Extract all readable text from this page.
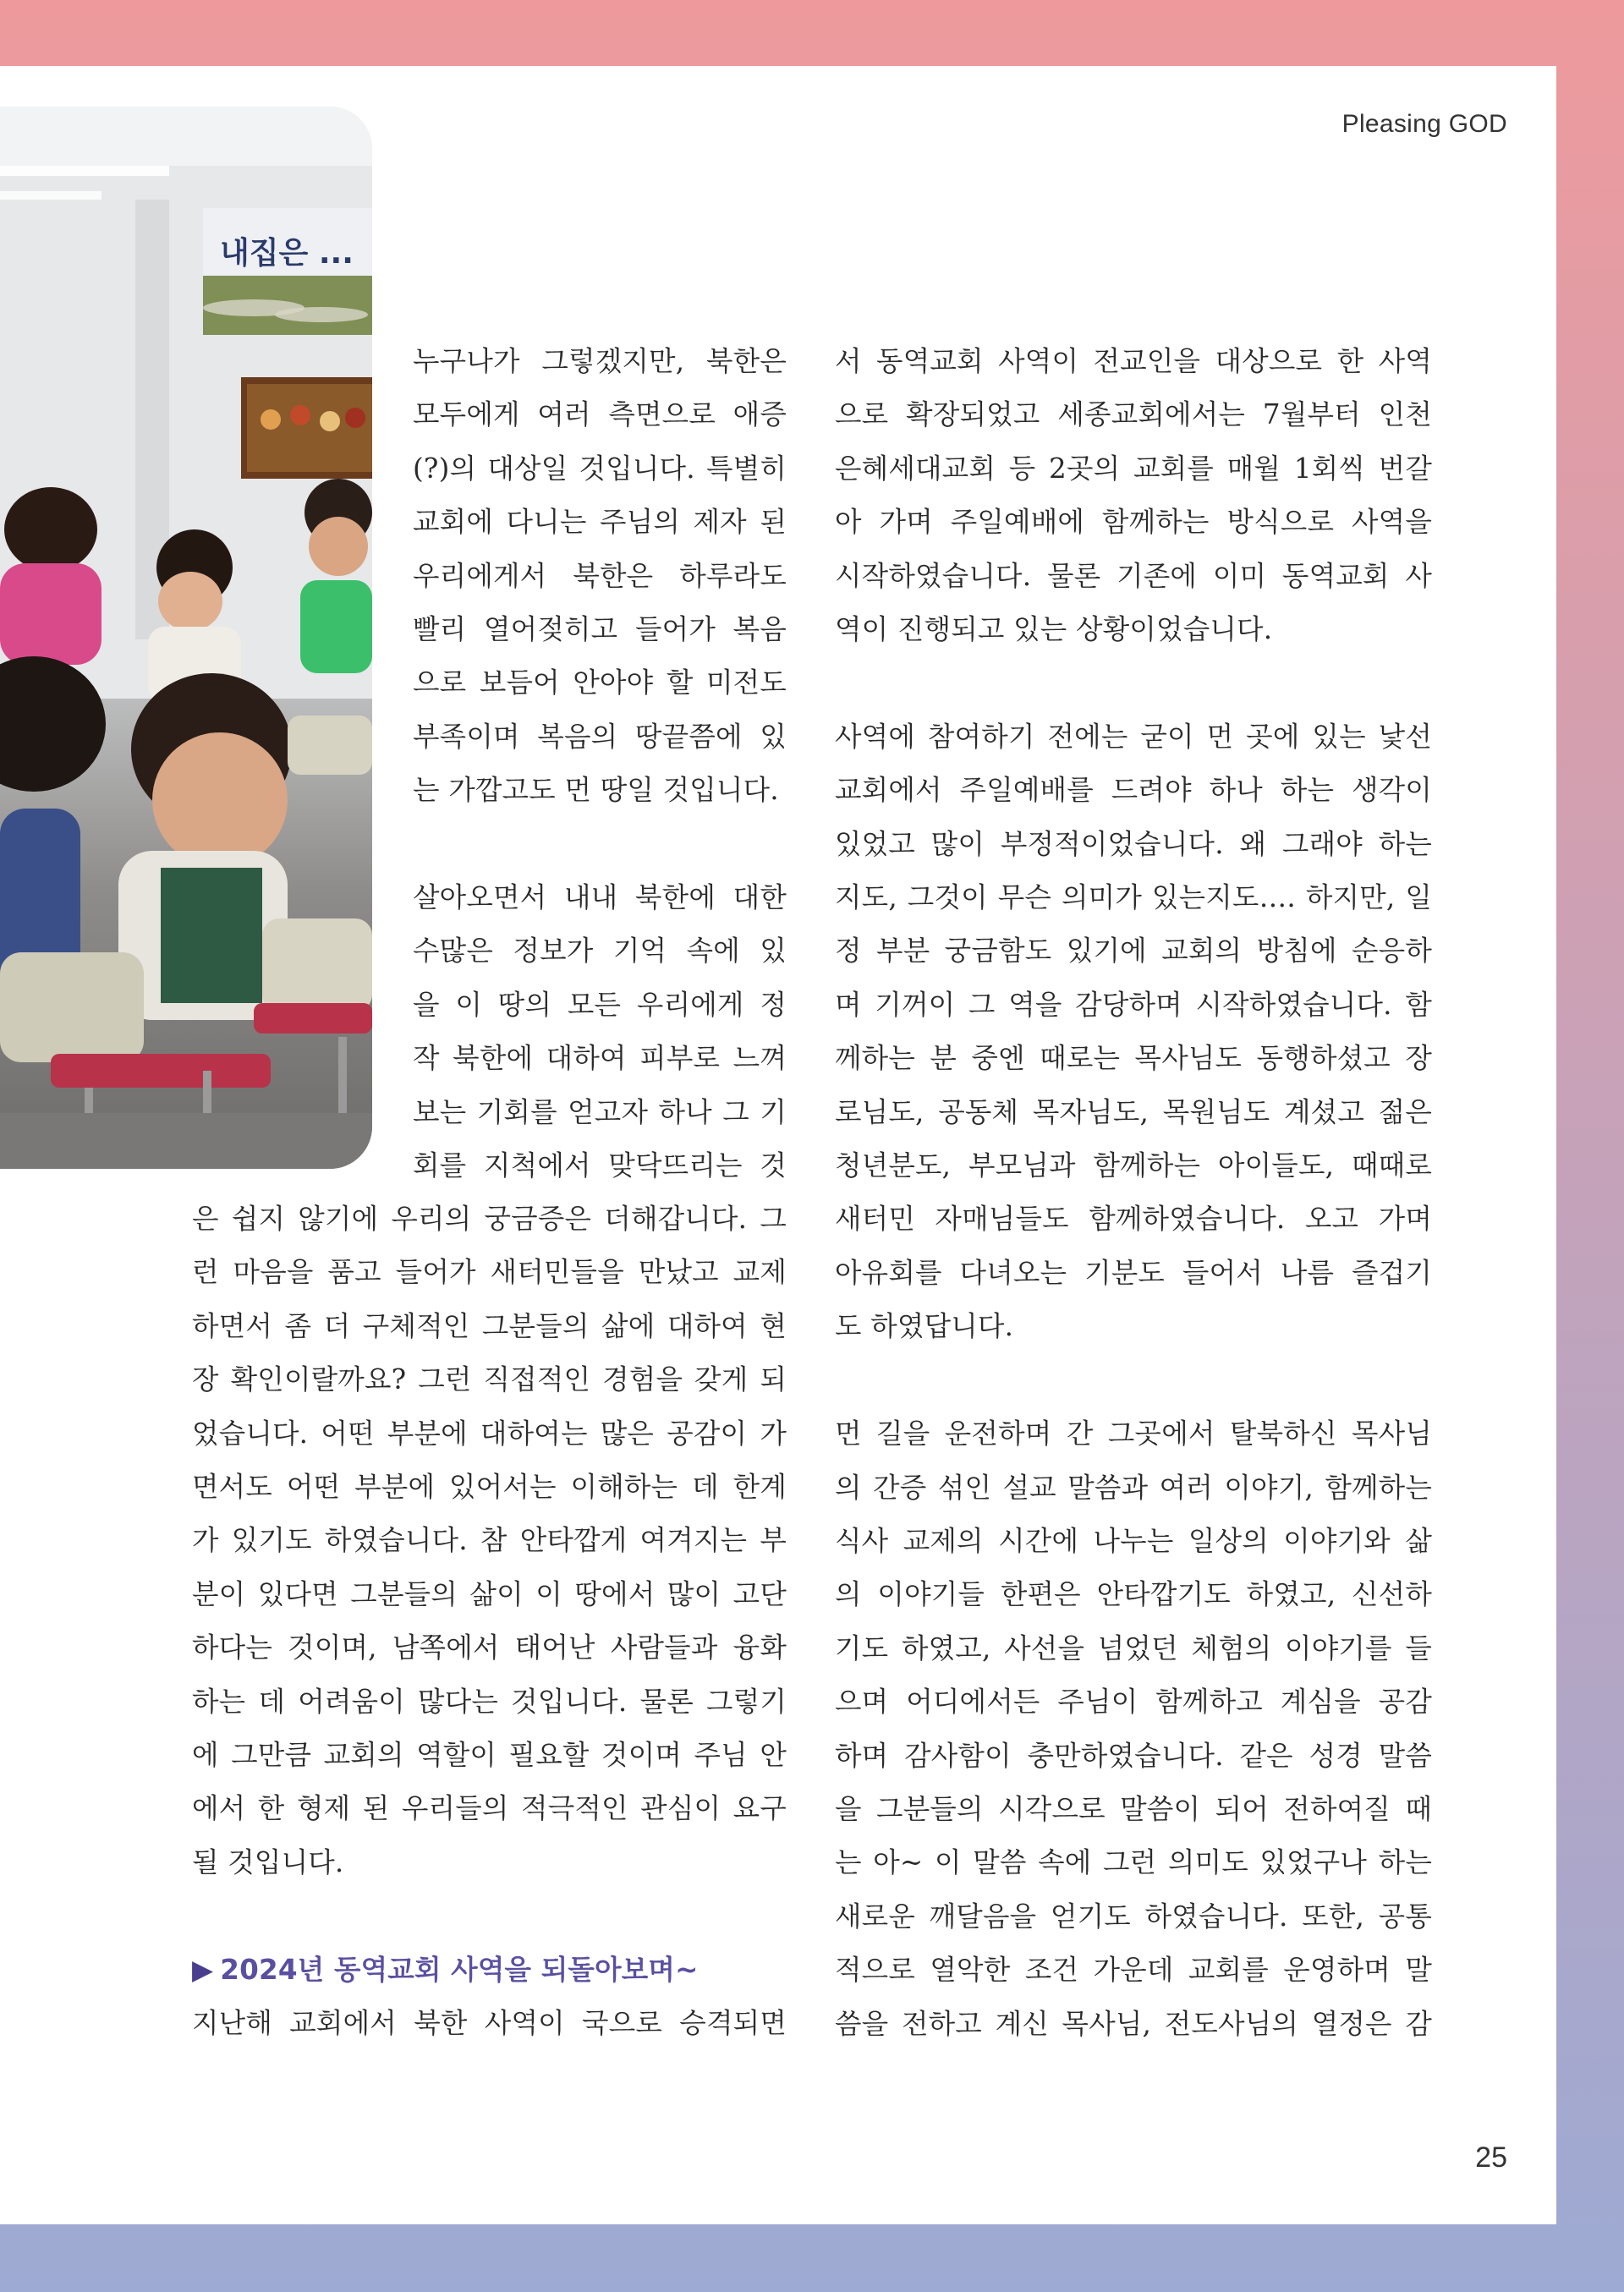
Pleasing GOD
내집은 ...

누구나가 그렇겠지만, 북한은
모두에게 여러 측면으로 애증
(?)의 대상일 것입니다. 특별히
교회에 다니는 주님의 제자 된
우리에게서 북한은 하루라도
빨리 열어젖히고 들어가 복음
으로 보듬어 안아야 할 미전도
부족이며 복음의 땅끝쯤에 있
는 가깝고도 먼 땅일 것입니다.

살아오면서 내내 북한에 대한
수많은 정보가 기억 속에 있
을 이 땅의 모든 우리에게 정
작 북한에 대하여 피부로 느껴
보는 기회를 얻고자 하나 그 기
회를 지척에서 맞닥뜨리는 것

은 쉽지 않기에 우리의 궁금증은 더해갑니다. 그
런 마음을 품고 들어가 새터민들을 만났고 교제
하면서 좀 더 구체적인 그분들의 삶에 대하여 현
장 확인이랄까요? 그런 직접적인 경험을 갖게 되
었습니다. 어떤 부분에 대하여는 많은 공감이 가
면서도 어떤 부분에 있어서는 이해하는 데 한계
가 있기도 하였습니다. 참 안타깝게 여겨지는 부
분이 있다면 그분들의 삶이 이 땅에서 많이 고단
하다는 것이며, 남쪽에서 태어난 사람들과 융화
하는 데 어려움이 많다는 것입니다. 물론 그렇기
에 그만큼 교회의 역할이 필요할 것이며 주님 안
에서 한 형제 된 우리들의 적극적인 관심이 요구
될 것입니다.

▶ 2024년 동역교회 사역을 되돌아보며~
지난해 교회에서 북한 사역이 국으로 승격되면

서 동역교회 사역이 전교인을 대상으로 한 사역
으로 확장되었고 세종교회에서는 7월부터 인천
은혜세대교회 등 2곳의 교회를 매월 1회씩 번갈
아 가며 주일예배에 함께하는 방식으로 사역을
시작하였습니다. 물론 기존에 이미 동역교회 사
역이 진행되고 있는 상황이었습니다.

사역에 참여하기 전에는 굳이 먼 곳에 있는 낯선
교회에서 주일예배를 드려야 하나 하는 생각이
있었고 많이 부정적이었습니다. 왜 그래야 하는
지도, 그것이 무슨 의미가 있는지도…. 하지만, 일
정 부분 궁금함도 있기에 교회의 방침에 순응하
며 기꺼이 그 역을 감당하며 시작하였습니다. 함
께하는 분 중엔 때로는 목사님도 동행하셨고 장
로님도, 공동체 목자님도, 목원님도 계셨고 젊은
청년분도, 부모님과 함께하는 아이들도, 때때로
새터민 자매님들도 함께하였습니다. 오고 가며
아유회를 다녀오는 기분도 들어서 나름 즐겁기
도 하였답니다.

먼 길을 운전하며 간 그곳에서 탈북하신 목사님
의 간증 섞인 설교 말씀과 여러 이야기, 함께하는
식사 교제의 시간에 나누는 일상의 이야기와 삶
의 이야기들 한편은 안타깝기도 하였고, 신선하
기도 하였고, 사선을 넘었던 체험의 이야기를 들
으며 어디에서든 주님이 함께하고 계심을 공감
하며 감사함이 충만하였습니다. 같은 성경 말씀
을 그분들의 시각으로 말씀이 되어 전하여질 때
는 아~ 이 말씀 속에 그런 의미도 있었구나 하는
새로운 깨달음을 얻기도 하였습니다. 또한, 공통
적으로 열악한 조건 가운데 교회를 운영하며 말
씀을 전하고 계신 목사님, 전도사님의 열정은 감

25
